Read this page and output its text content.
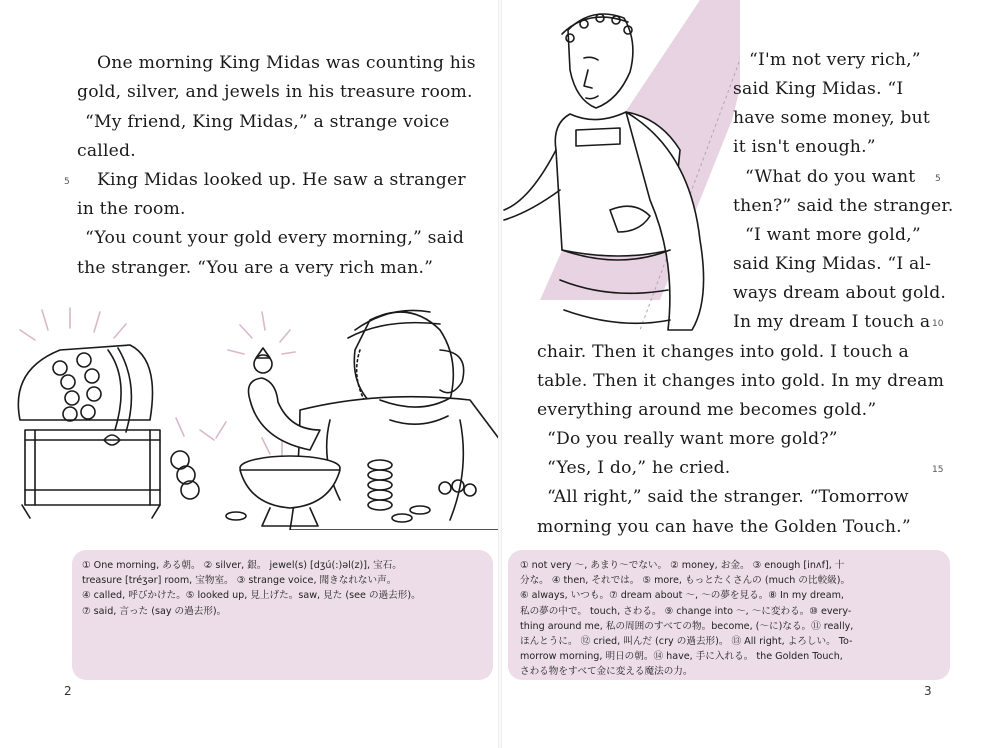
One morning King Midas was counting his
gold, silver, and jewels in his treasure room.
“My friend, King Midas,” a strange voice
called.
King Midas looked up. He saw a stranger
in the room.
“You count your gold every morning,” said
the stranger. “You are a very rich man.”
5

① One morning, ある朝。 ② silver, 銀。 jewel(s) [dʒú(:)əl(z)], 宝石。

treasure [tréʒər] room, 宝物室。 ③ strange voice, 聞きなれない声。

④ called, 呼びかけた。⑤ looked up, 見上げた。saw, 見た (see の過去形)。

⑦ said, 言った (say の過去形)。

2
“I'm not very rich,”
said King Midas. “I
have some money, but
it isn't enough.”
“What do you want
then?” said the stranger.
“I want more gold,”
said King Midas. “I al-
ways dream about gold.
In my dream I touch a
chair. Then it changes into gold. I touch a
table. Then it changes into gold. In my dream
everything around me becomes gold.”
“Do you really want more gold?”
“Yes, I do,” he cried.
“All right,” said the stranger. “Tomorrow
morning you can have the Golden Touch.”
5
10
15

① not very ～, あまり～でない。 ② money, お金。 ③ enough [inʌf], 十

分な。 ④ then, それでは。 ⑤ more, もっとたくさんの (much の比較級)。

⑥ always, いつも。⑦ dream about ～, ～の夢を見る。⑧ In my dream,

私の夢の中で。 touch, さわる。 ⑨ change into ～, ～に変わる。⑩ every-

thing around me, 私の周囲のすべての物。become, (～に)なる。⑪ really,

ほんとうに。 ⑫ cried, 叫んだ (cry の過去形)。 ⑬ All right, よろしい。 To-

morrow morning, 明日の朝。⑭ have, 手に入れる。 the Golden Touch,

さわる物をすべて金に変える魔法の力。

3
